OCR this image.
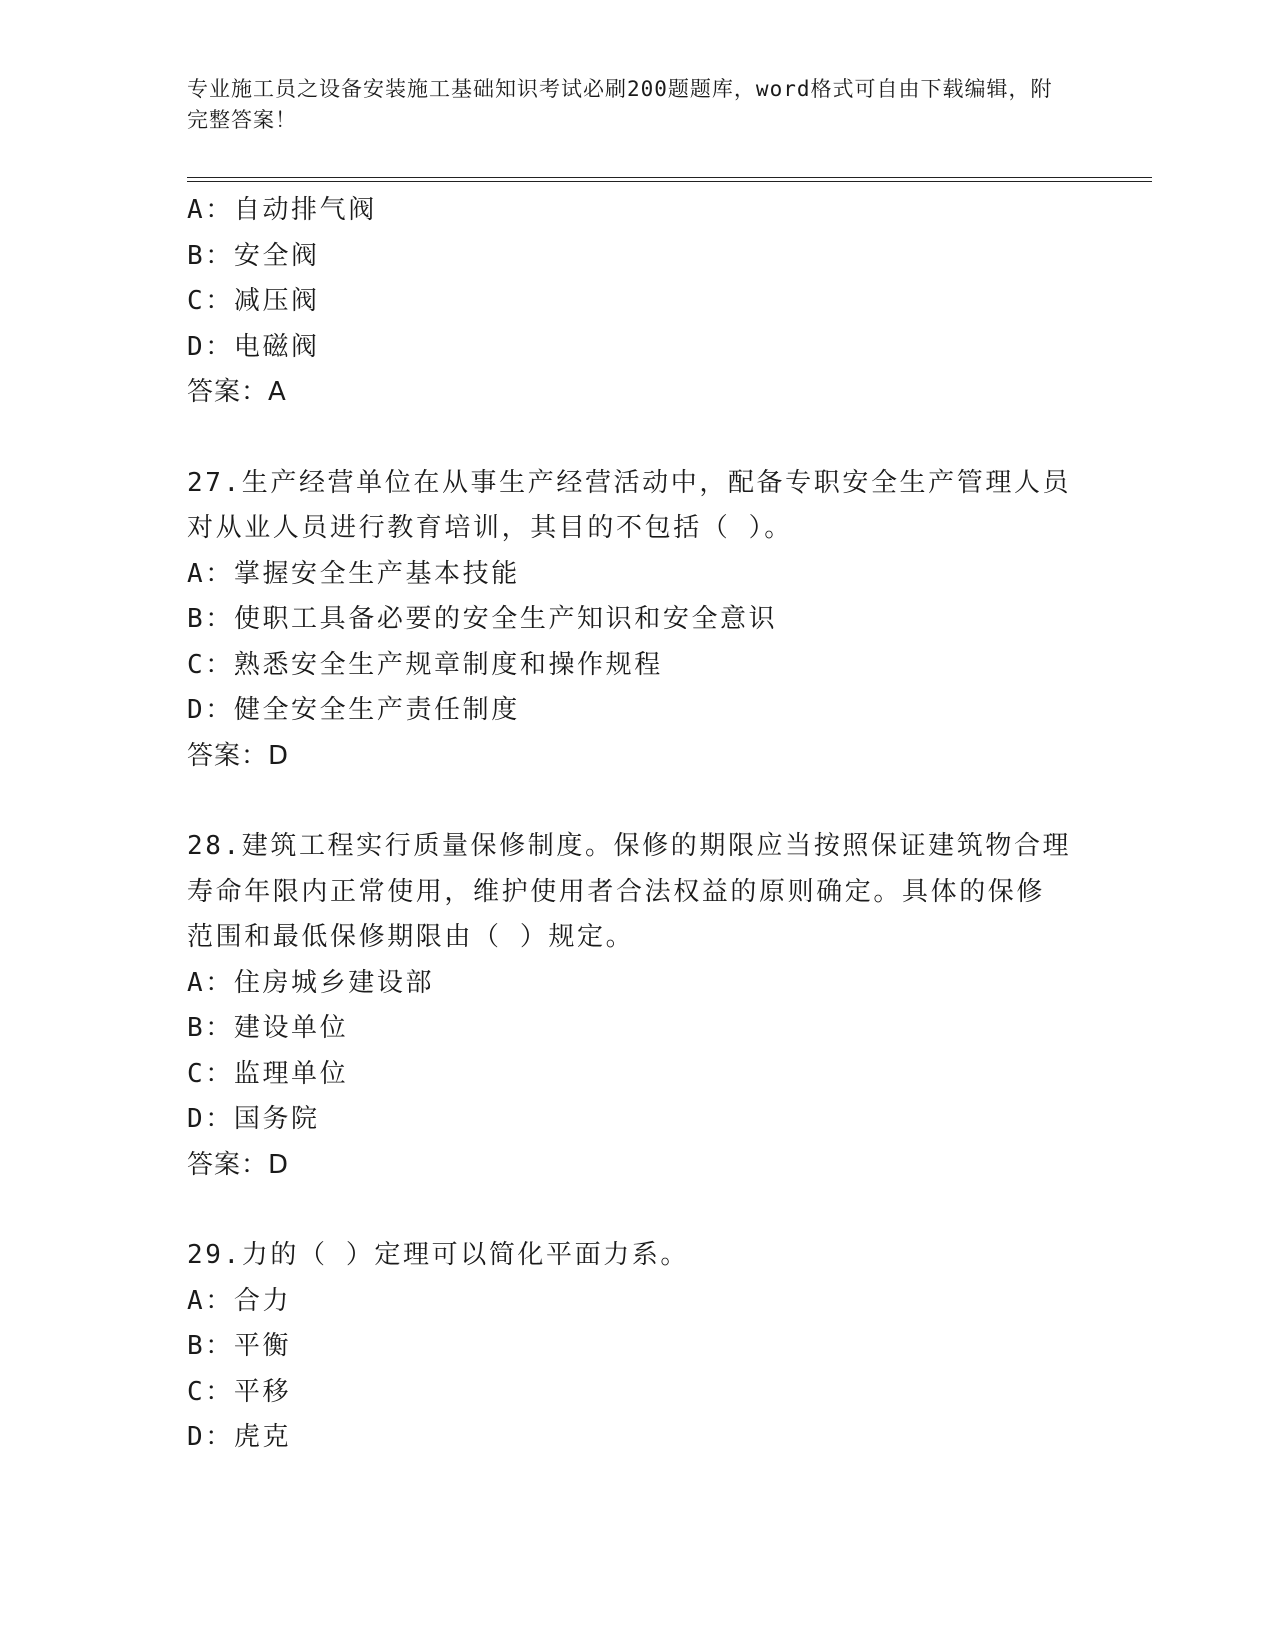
专业施工员之设备安装施工基础知识考试必刷200题题库，word格式可自由下载编辑，附完整答案！
A：自动排气阀
B：安全阀
C：减压阀
D：电磁阀
答案：A
27.生产经营单位在从事生产经营活动中，配备专职安全生产管理人员
对从业人员进行教育培训，其目的不包括（ ）。
A：掌握安全生产基本技能
B：使职工具备必要的安全生产知识和安全意识
C：熟悉安全生产规章制度和操作规程
D：健全安全生产责任制度
答案：D
28.建筑工程实行质量保修制度。保修的期限应当按照保证建筑物合理
寿命年限内正常使用，维护使用者合法权益的原则确定。具体的保修
范围和最低保修期限由（ ）规定。
A：住房城乡建设部
B：建设单位
C：监理单位
D：国务院
答案：D
29.力的（ ）定理可以简化平面力系。
A：合力
B：平衡
C：平移
D：虎克
